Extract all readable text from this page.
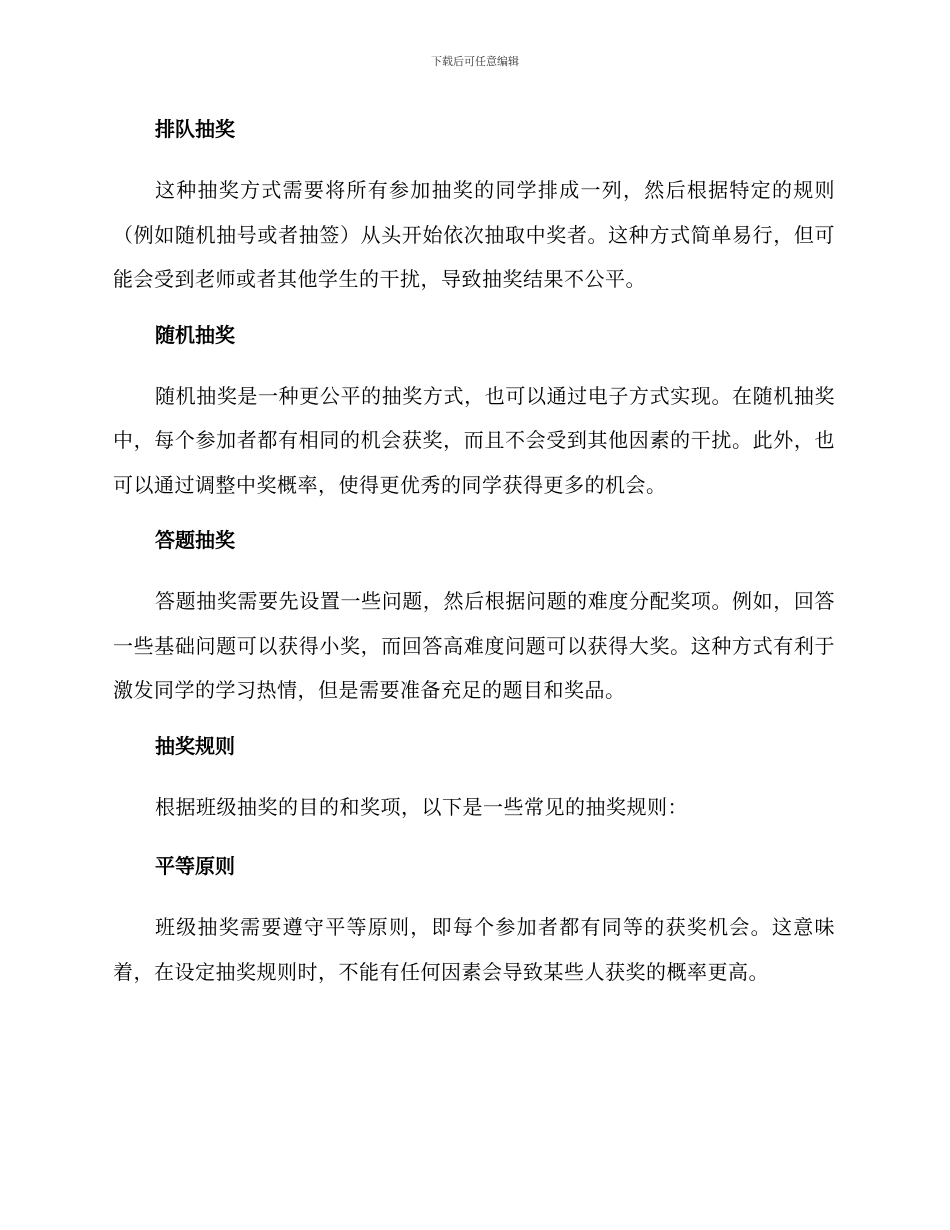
下载后可任意编辑
排队抽奖

这种抽奖方式需要将所有参加抽奖的同学排成一列，然后根据特定的规则（例如随机抽号或者抽签）从头开始依次抽取中奖者。这种方式简单易行，但可能会受到老师或者其他学生的干扰，导致抽奖结果不公平。

随机抽奖

随机抽奖是一种更公平的抽奖方式，也可以通过电子方式实现。在随机抽奖中，每个参加者都有相同的机会获奖，而且不会受到其他因素的干扰。此外，也可以通过调整中奖概率，使得更优秀的同学获得更多的机会。

答题抽奖

答题抽奖需要先设置一些问题，然后根据问题的难度分配奖项。例如，回答一些基础问题可以获得小奖，而回答高难度问题可以获得大奖。这种方式有利于激发同学的学习热情，但是需要准备充足的题目和奖品。

抽奖规则

根据班级抽奖的目的和奖项，以下是一些常见的抽奖规则：

平等原则

班级抽奖需要遵守平等原则，即每个参加者都有同等的获奖机会。这意味着，在设定抽奖规则时，不能有任何因素会导致某些人获奖的概率更高。
